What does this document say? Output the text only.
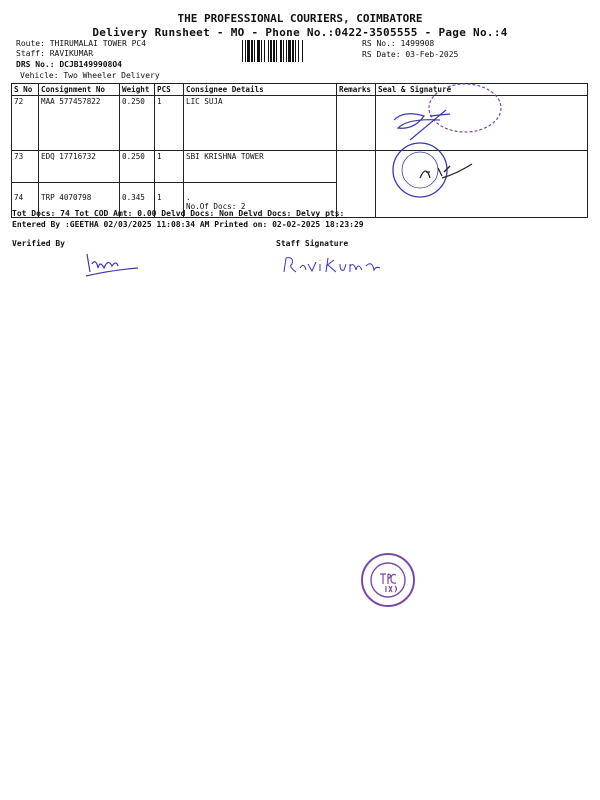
THE PROFESSIONAL COURIERS, COIMBATORE
Delivery Runsheet - MO - Phone No.:0422-3505555 - Page No.:4
Route: THIRUMALAI TOWER PC4
Staff: RAVIKUMAR
DRS No.: DCJB1499908O4
Vehicle: Two Wheeler Delivery
RS No.: 1499908
RS Date: 03-Feb-2025
S No	Consignment No	Weight	PCS	Consignee Details	Remarks	Seal & Signature
72	MAA 577457822	0.250	1	LIC SUJA		
73	EDQ 17716732	0.250	1	SBI KRISHNA TOWER		
74	TRP 4070798	0.345	1	.
No.Of Docs: 2		

Tot Docs: 74 Tot COD Amt: 0.00 Delvd Docs: Non Delvd Docs: Delvy pts:
Entered By :GEETHA 02/03/2025 11:08:34 AM Printed on: 02-02-2025 18:23:29
Verified By	Staff Signature
